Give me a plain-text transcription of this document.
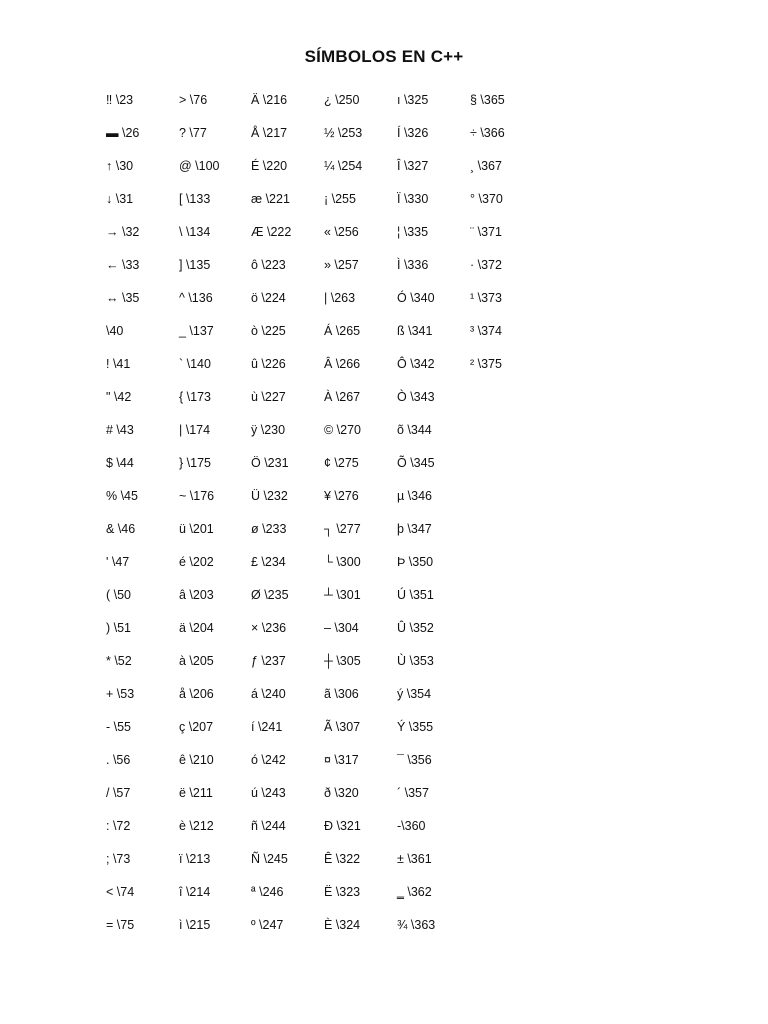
SÍMBOLOS EN C++
‼ \23
▬ \26
↑ \30
↓ \31
→ \32
← \33
↔ \35
\40
! \41
" \42
# \43
$ \44
% \45
& \46
' \47
( \50
) \51
* \52
+ \53
- \55
. \56
/ \57
: \72
; \73
< \74
= \75
> \76
? \77
@ \100
[ \133
\ \134
] \135
^ \136
_ \137
` \140
{ \173
| \174
} \175
~ \176
ü \201
é \202
â \203
ä \204
à \205
å \206
ç \207
ê \210
ë \211
è \212
ï \213
î \214
ì \215
Ä \216
Å \217
É \220
æ \221
Æ \222
ô \223
ö \224
ò \225
û \226
ù \227
ÿ \230
Ö \231
Ü \232
ø \233
£ \234
Ø \235
× \236
ƒ \237
á \240
í \241
ó \242
ú \243
ñ \244
Ñ \245
ª \246
º \247
¿ \250
½ \253
¼ \254
¡ \255
« \256
» \257
| \263
Á \265
Â \266
À \267
© \270
¢ \275
¥ \276
┐ \277
└ \300
┴ \301
– \304
┼ \305
ã \306
Ã \307
¤ \317
ð \320
Ð \321
Ê \322
Ë \323
È \324
ı \325
Í \326
Î \327
Ï \330
¦ \335
Ì \336
Ó \340
ß \341
Ô \342
Ò \343
õ \344
Õ \345
µ \346
þ \347
Þ \350
Ú \351
Û \352
Ù \353
ý \354
Ý \355
¯ \356
´ \357
-\360
± \361
‗ \362
¾ \363
§ \365
÷ \366
¸ \367
° \370
¨ \371
· \372
¹ \373
³ \374
² \375
